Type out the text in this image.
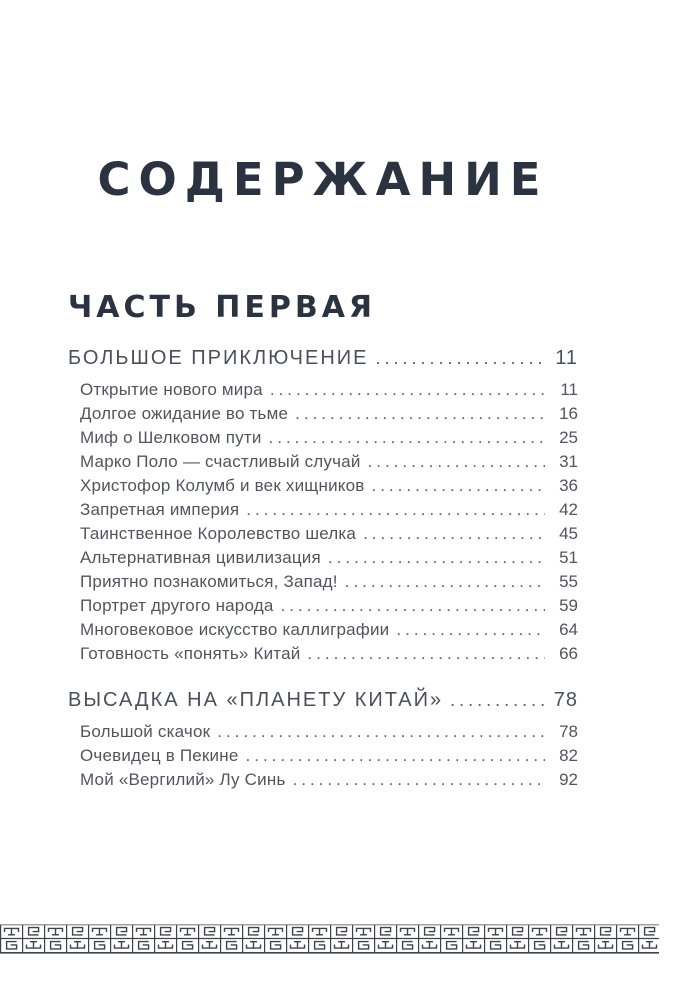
СОДЕРЖАНИЕ
ЧАСТЬ ПЕРВАЯ
БОЛЬШОЕ ПРИКЛЮЧЕНИЕ .....	11
Открытие нового мира .....	11
Долгое ожидание во тьме .....	16
Миф о Шелковом пути .....	25
Марко Поло — счастливый случай .....	31
Христофор Колумб и век хищников .....	36
Запретная империя .....	42
Таинственное Королевство шелка .....	45
Альтернативная цивилизация .....	51
Приятно познакомиться, Запад! .....	55
Портрет другого народа .....	59
Многовековое искусство каллиграфии .....	64
Готовность «понять» Китай .....	66
ВЫСАДКА НА «ПЛАНЕТУ КИТАЙ» .....	78
Большой скачок .....	78
Очевидец в Пекине .....	82
Мой «Вергилий» Лу Синь .....	92
